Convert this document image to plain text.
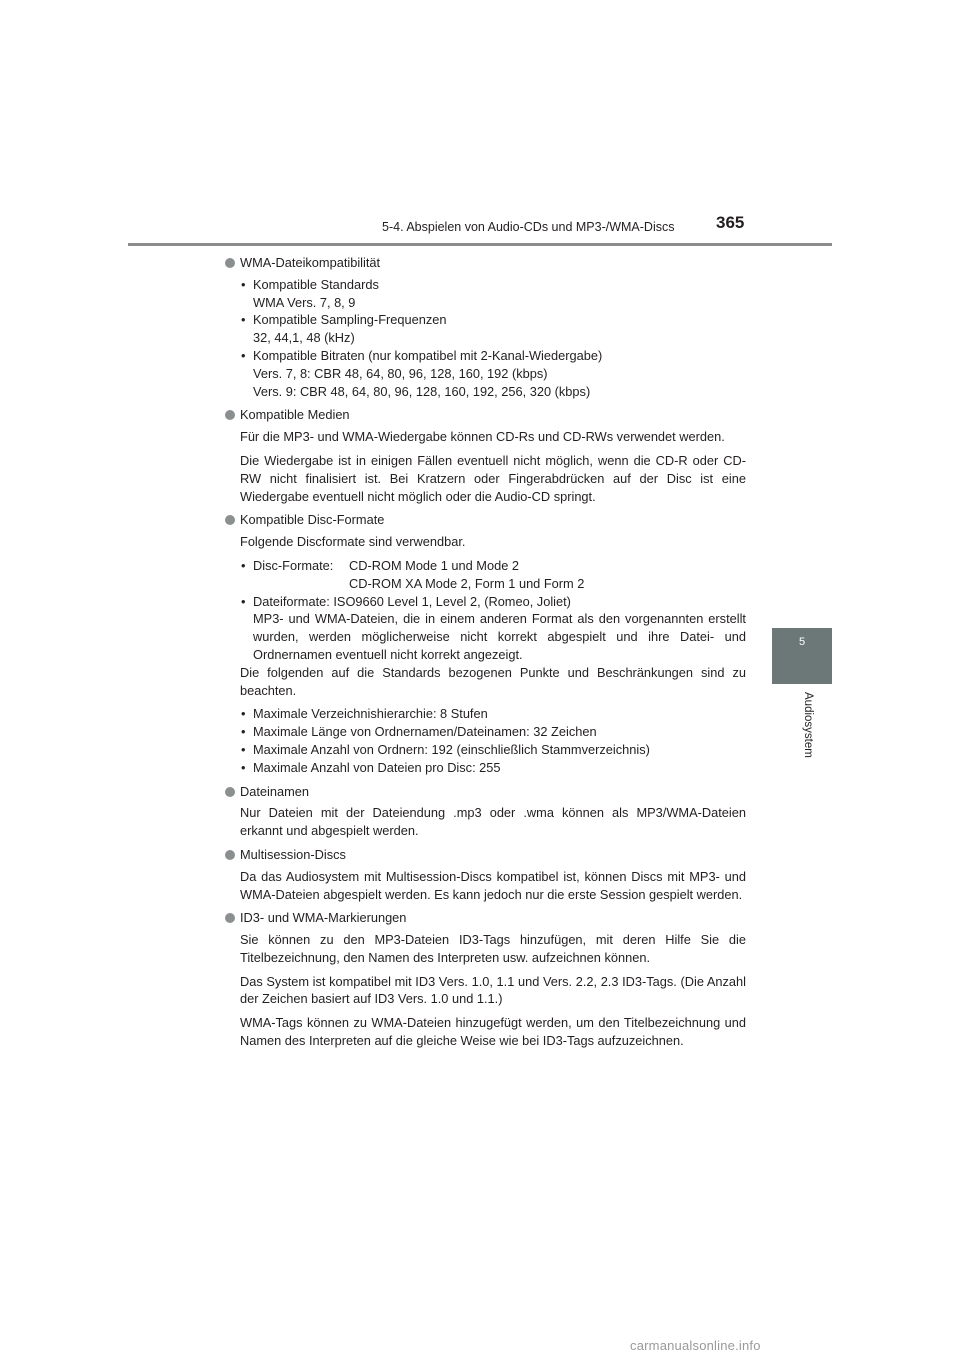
5-4. Abspielen von Audio-CDs und MP3-/WMA-Discs 365
5
Audiosystem
WMA-Dateikompatibilität
• Kompatible Standards
WMA Vers. 7, 8, 9
• Kompatible Sampling-Frequenzen
32, 44,1, 48 (kHz)
• Kompatible Bitraten (nur kompatibel mit 2-Kanal-Wiedergabe)
Vers. 7, 8: CBR 48, 64, 80, 96, 128, 160, 192 (kbps)
Vers. 9: CBR 48, 64, 80, 96, 128, 160, 192, 256, 320 (kbps)
Kompatible Medien

Für die MP3- und WMA-Wiedergabe können CD-Rs und CD-RWs verwendet werden.

Die Wiedergabe ist in einigen Fällen eventuell nicht möglich, wenn die CD-R oder CD-RW nicht finalisiert ist. Bei Kratzern oder Fingerabdrücken auf der Disc ist eine Wiedergabe eventuell nicht möglich oder die Audio-CD springt.

Kompatible Disc-Formate

Folgende Discformate sind verwendbar.

• Disc-Formate:	CD-ROM Mode 1 und Mode 2
CD-ROM XA Mode 2, Form 1 und Form 2
• Dateiformate: ISO9660 Level 1, Level 2, (Romeo, Joliet)
MP3- und WMA-Dateien, die in einem anderen Format als den vorgenannten erstellt wurden, werden möglicherweise nicht korrekt abgespielt und ihre Datei- und Ordnernamen eventuell nicht korrekt angezeigt.

Die folgenden auf die Standards bezogenen Punkte und Beschränkungen sind zu beachten.

• Maximale Verzeichnishierarchie: 8 Stufen
• Maximale Länge von Ordnernamen/Dateinamen: 32 Zeichen
• Maximale Anzahl von Ordnern: 192 (einschließlich Stammverzeichnis)
• Maximale Anzahl von Dateien pro Disc: 255
Dateinamen

Nur Dateien mit der Dateiendung .mp3 oder .wma können als MP3/WMA-Dateien erkannt und abgespielt werden.

Multisession-Discs

Da das Audiosystem mit Multisession-Discs kompatibel ist, können Discs mit MP3- und WMA-Dateien abgespielt werden. Es kann jedoch nur die erste Session gespielt werden.

ID3- und WMA-Markierungen

Sie können zu den MP3-Dateien ID3-Tags hinzufügen, mit deren Hilfe Sie die Titelbezeichnung, den Namen des Interpreten usw. aufzeichnen können.

Das System ist kompatibel mit ID3 Vers. 1.0, 1.1 und Vers. 2.2, 2.3 ID3-Tags. (Die Anzahl der Zeichen basiert auf ID3 Vers. 1.0 und 1.1.)

WMA-Tags können zu WMA-Dateien hinzugefügt werden, um den Titelbezeichnung und Namen des Interpreten auf die gleiche Weise wie bei ID3-Tags aufzuzeichnen.

carmanualsonline.info
